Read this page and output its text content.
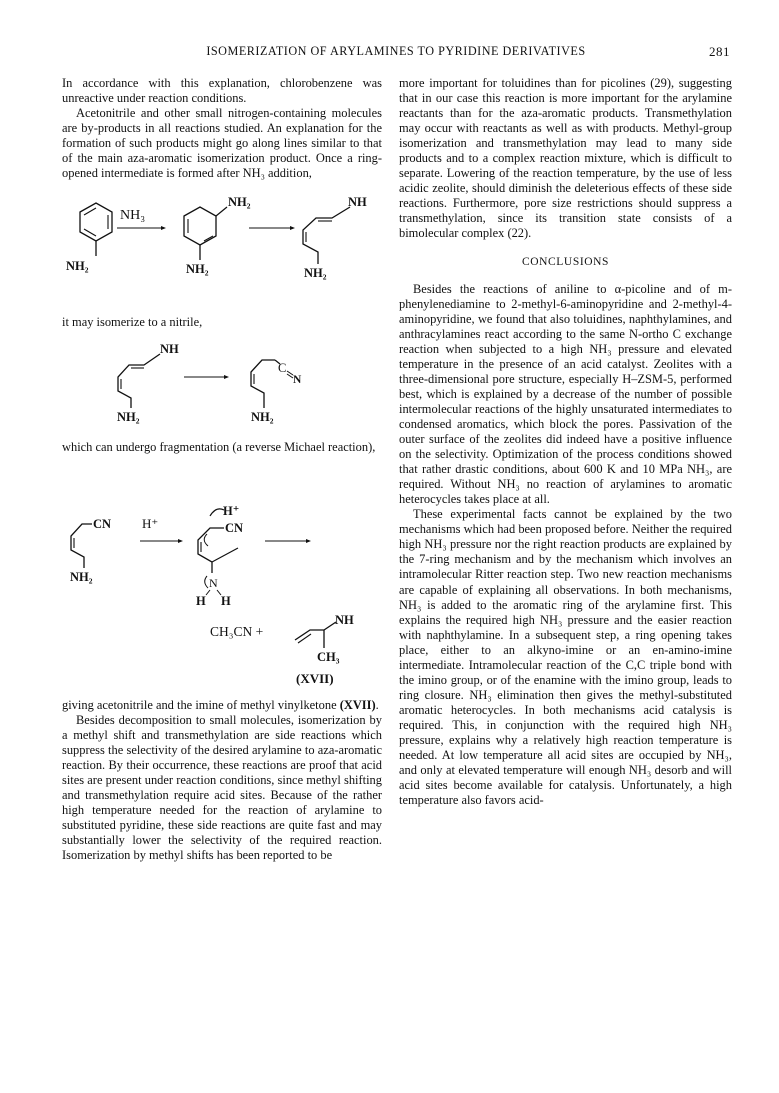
ISOMERIZATION OF ARYLAMINES TO PYRIDINE DERIVATIVES	281

In accordance with this explanation, chlorobenzene was unreactive under reaction conditions.

Acetonitrile and other small nitrogen-containing molecules are by-products in all reactions studied. An explanation for the formation of such products might go along lines similar to that of the main aza-aromatic isomerization product. Once a ring-opened intermediate is formed after NH₃ addition,

NH₂
NH₃
NH₂
NH₂
NH
NH₂
it may isomerize to a nitrile,
NH
NH₂
C
N
NH₂

which can undergo fragmentation (a reverse Michael reaction),

CN
NH₂
H⁺
H⁺
CN
N
H H
CH₃CN +
NH
CH₃
(XVII)

giving acetonitrile and the imine of methyl vinylketone (XVII).

Besides decomposition to small molecules, isomerization by a methyl shift and transmethylation are side reactions which suppress the selectivity of the desired arylamine to aza-aromatic reaction. By their occurrence, these reactions are proof that acid sites are present under reaction conditions, since methyl shifting and transmethylation require acid sites. Because of the rather high temperature needed for the reaction of arylamine to substituted pyridine, these side reactions are quite fast and may substantially lower the selectivity of the required reaction. Isomerization by methyl shifts has been reported to be

more important for toluidines than for picolines (29), suggesting that in our case this reaction is more important for the arylamine reactants than for the aza-aromatic products. Transmethylation may occur with reactants as well as with products. Methyl-group isomerization and transmethylation may lead to many side products and to a complex reaction mixture, which is difficult to separate. Lowering of the reaction temperature, by the use of less acidic zeolite, should diminish the deleterious effects of these side reactions. Furthermore, pore size restrictions should suppress a transmethylation, since its transition state consists of a bimolecular complex (22).

CONCLUSIONS

Besides the reactions of aniline to α-picoline and of m-phenylenediamine to 2-methyl-6-aminopyridine and 2-methyl-4-aminopyridine, we found that also toluidines, naphthylamines, and anthracylamines react according to the same N-ortho C exchange reaction when subjected to a high NH₃ pressure and elevated temperature in the presence of an acid catalyst. Zeolites with a three-dimensional pore structure, especially H–ZSM-5, performed best, which is explained by a decrease of the number of possible intermolecular reactions of the highly unsaturated intermediates to condensed aromatics, which block the pores. Passivation of the outer surface of the zeolites did indeed have a positive influence on the selectivity. Optimization of the process conditions showed that rather drastic conditions, about 600 K and 10 MPa NH₃, are required. Without NH₃ no reaction of arylamines to aromatic heterocycles takes place at all.

These experimental facts cannot be explained by the two mechanisms which had been proposed before. Neither the required high NH₃ pressure nor the right reaction products are explained by the 7-ring mechanism and by the mechanism which involves an intramolecular Ritter reaction step. Two new reaction mechanisms are capable of explaining all observations. In both mechanisms, NH₃ is added to the aromatic ring of the arylamine first. This explains the required high NH₃ pressure and the easier reaction with naphthylamine. In a subsequent step, a ring opening takes place, either to an alkyno-imine or an en-amino-imine intermediate. Intramolecular reaction of the C,C triple bond with the imino group, or of the enamine with the imino group, leads to ring closure. NH₃ elimination then gives the methyl-substituted aromatic heterocycles. In both mechanisms acid catalysis is required. This, in conjunction with the required high NH₃ pressure, explains why a relatively high reaction temperature is needed. At low temperature all acid sites are occupied by NH₃, and only at elevated temperature will enough NH₃ desorb and will acid sites become available for catalysis. Unfortunately, a high temperature also favors acid-
